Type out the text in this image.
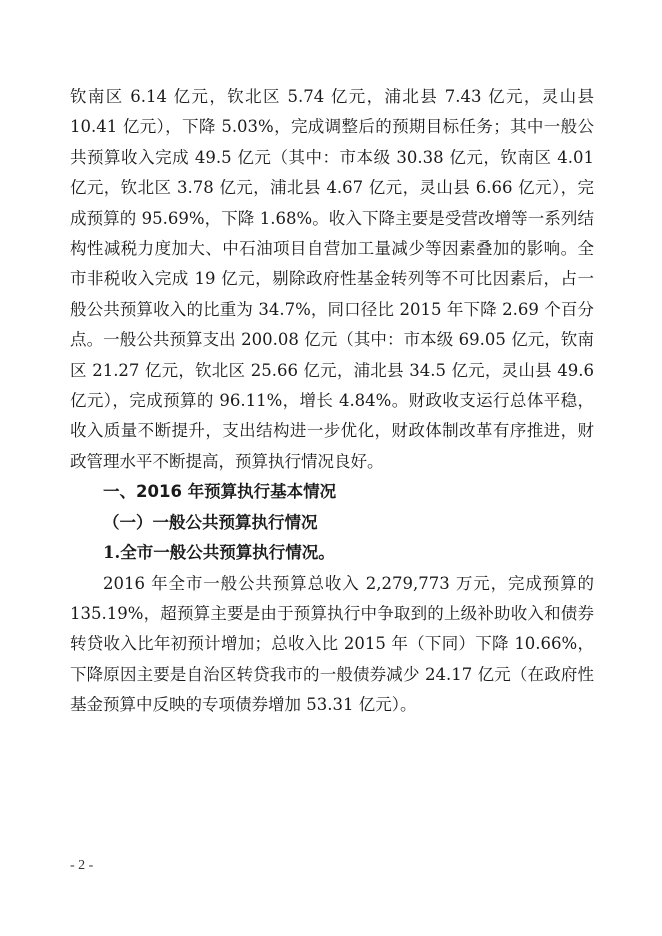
钦南区 6.14 亿元，钦北区 5.74 亿元，浦北县 7.43 亿元，灵山县 10.41 亿元），下降 5.03%，完成调整后的预期目标任务；其中一般公共预算收入完成 49.5 亿元（其中：市本级 30.38 亿元，钦南区 4.01 亿元，钦北区 3.78 亿元，浦北县 4.67 亿元，灵山县 6.66 亿元），完成预算的 95.69%，下降 1.68%。收入下降主要是受营改增等一系列结构性减税力度加大、中石油项目自营加工量减少等因素叠加的影响。全市非税收入完成 19 亿元，剔除政府性基金转列等不可比因素后，占一般公共预算收入的比重为 34.7%，同口径比 2015 年下降 2.69 个百分点。一般公共预算支出 200.08 亿元（其中：市本级 69.05 亿元，钦南区 21.27 亿元，钦北区 25.66 亿元，浦北县 34.5 亿元，灵山县 49.6 亿元），完成预算的 96.11%，增长 4.84%。财政收支运行总体平稳，收入质量不断提升，支出结构进一步优化，财政体制改革有序推进，财政管理水平不断提高，预算执行情况良好。

一、2016 年预算执行基本情况

（一）一般公共预算执行情况

1.全市一般公共预算执行情况。

2016 年全市一般公共预算总收入 2,279,773 万元，完成预算的 135.19%，超预算主要是由于预算执行中争取到的上级补助收入和债券转贷收入比年初预计增加；总收入比 2015 年（下同）下降 10.66%，下降原因主要是自治区转贷我市的一般债券减少 24.17 亿元（在政府性基金预算中反映的专项债券增加 53.31 亿元）。

- 2 -
